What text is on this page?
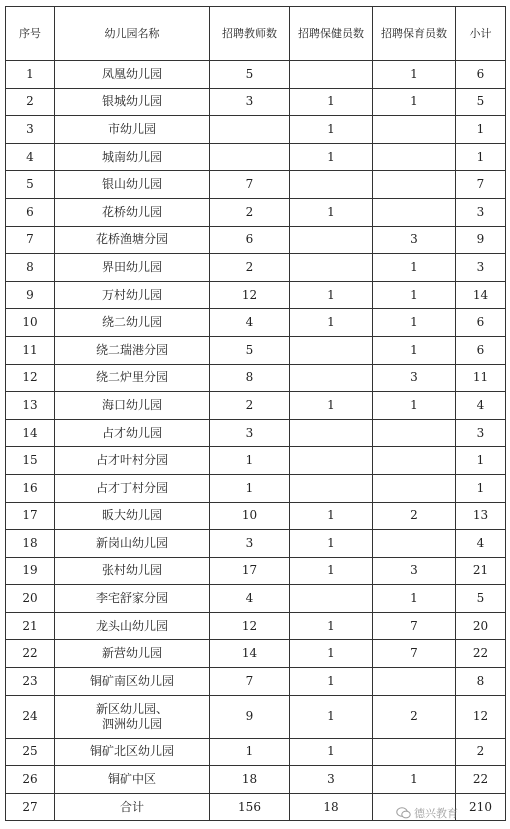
序号	幼儿园名称	招聘教师数	招聘保健员数	招聘保育员数	小计
1	凤凰幼儿园	5		1	6
2	银城幼儿园	3	1	1	5
3	市幼儿园		1		1
4	城南幼儿园		1		1
5	银山幼儿园	7			7
6	花桥幼儿园	2	1		3
7	花桥渔塘分园	6		3	9
8	界田幼儿园	2		1	3
9	万村幼儿园	12	1	1	14
10	绕二幼儿园	4	1	1	6
11	绕二瑞港分园	5		1	6
12	绕二炉里分园	8		3	11
13	海口幼儿园	2	1	1	4
14	占才幼儿园	3			3
15	占才叶村分园	1			1
16	占才丁村分园	1			1
17	昄大幼儿园	10	1	2	13
18	新岗山幼儿园	3	1		4
19	张村幼儿园	17	1	3	21
20	李宅舒家分园	4		1	5
21	龙头山幼儿园	12	1	7	20
22	新营幼儿园	14	1	7	22
23	铜矿南区幼儿园	7	1		8
24	新区幼儿园、
泗洲幼儿园	9	1	2	12
25	铜矿北区幼儿园	1	1		2
26	铜矿中区	18	3	1	22
27	合计	156	18		210
德兴教育
